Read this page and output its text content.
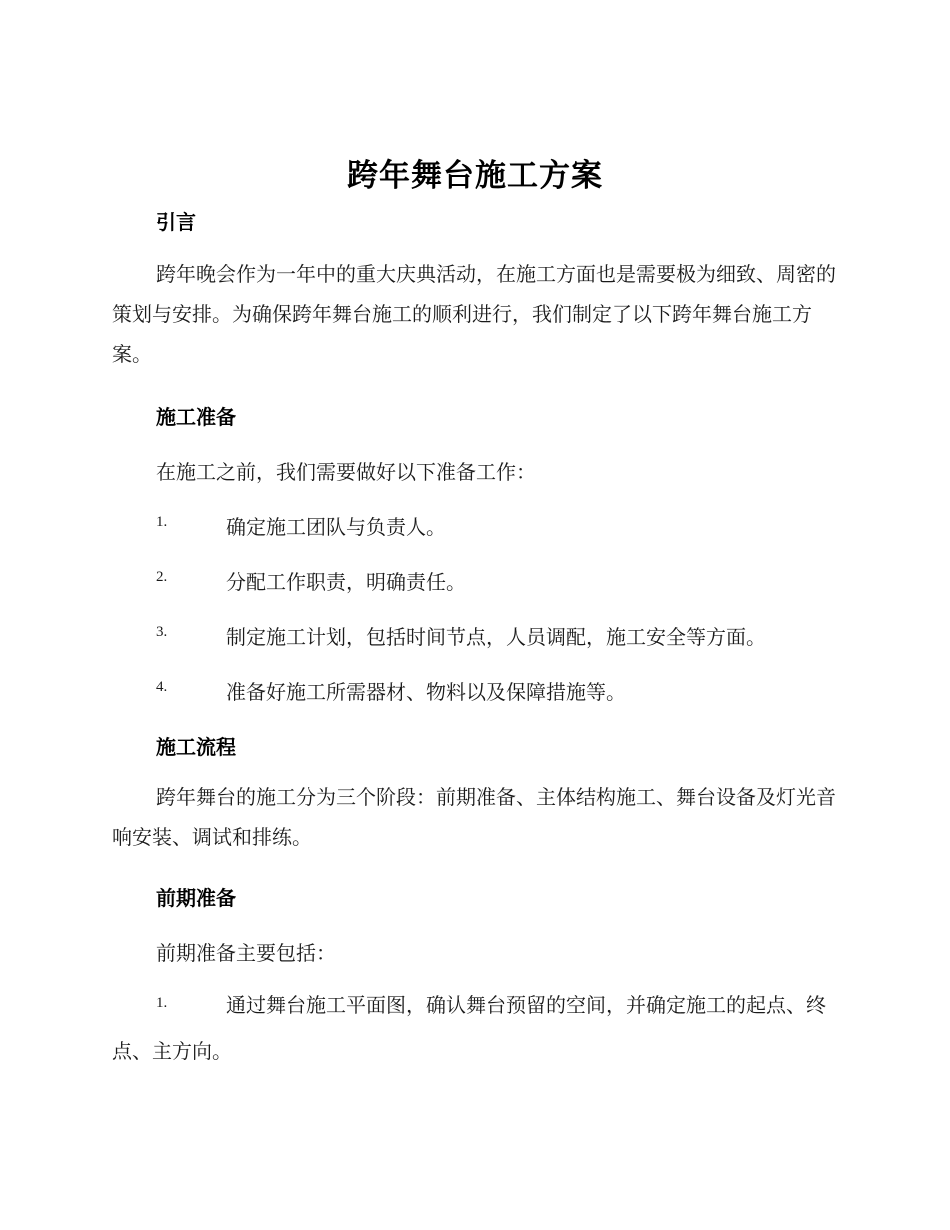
跨年舞台施工方案
引言
跨年晚会作为一年中的重大庆典活动，在施工方面也是需要极为细致、周密的策划与安排。为确保跨年舞台施工的顺利进行，我们制定了以下跨年舞台施工方案。
施工准备
在施工之前，我们需要做好以下准备工作：
1.	确定施工团队与负责人。
2.	分配工作职责，明确责任。
3.	制定施工计划，包括时间节点，人员调配，施工安全等方面。
4.	准备好施工所需器材、物料以及保障措施等。
施工流程
跨年舞台的施工分为三个阶段：前期准备、主体结构施工、舞台设备及灯光音响安装、调试和排练。
前期准备
前期准备主要包括：
1.	通过舞台施工平面图，确认舞台预留的空间，并确定施工的起点、终点、主方向。
